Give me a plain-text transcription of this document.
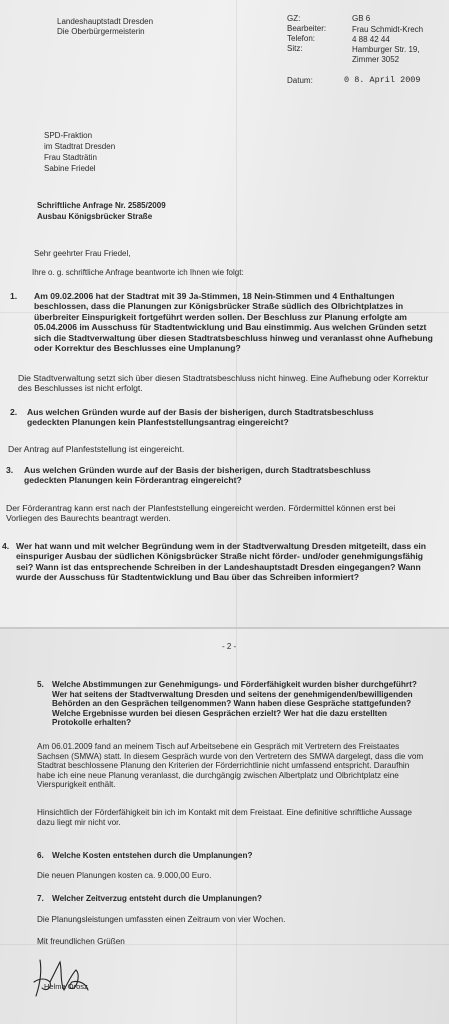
Landeshauptstadt Dresden
Die Oberbürgermeisterin
GZ:	GB 6
Bearbeiter:	Frau Schmidt-Krech
Telefon:	4 88 42 44
Sitz:	Hamburger Str. 19,
Zimmer 3052
Datum:	0 8. April 2009
SPD-Fraktion
im Stadtrat Dresden
Frau Stadträtin
Sabine Friedel
Schriftliche Anfrage Nr. 2585/2009
Ausbau Königsbrücker Straße
Sehr geehrter Frau Friedel,
Ihre o. g. schriftliche Anfrage beantworte ich Ihnen wie folgt:
1. Am 09.02.2006 hat der Stadtrat mit 39 Ja-Stimmen, 18 Nein-Stimmen und 4 Enthaltungen beschlossen, dass die Planungen zur Königsbrücker Straße südlich des Olbrichtplatzes in überbreiter Einspurigkeit fortgeführt werden sollen. Der Beschluss zur Planung erfolgte am 05.04.2006 im Ausschuss für Stadtentwicklung und Bau einstimmig. Aus welchen Gründen setzt sich die Stadtverwaltung über diesen Stadtratsbeschluss hinweg und veranlasst ohne Aufhebung oder Korrektur des Beschlusses eine Umplanung?
Die Stadtverwaltung setzt sich über diesen Stadtratsbeschluss nicht hinweg. Eine Aufhebung oder Korrektur des Beschlusses ist nicht erfolgt.
2. Aus welchen Gründen wurde auf der Basis der bisherigen, durch Stadtratsbeschluss gedeckten Planungen kein Planfeststellungsantrag eingereicht?
Der Antrag auf Planfeststellung ist eingereicht.
3. Aus welchen Gründen wurde auf der Basis der bisherigen, durch Stadtratsbeschluss gedeckten Planungen kein Förderantrag eingereicht?
Der Förderantrag kann erst nach der Planfeststellung eingereicht werden. Fördermittel können erst bei Vorliegen des Baurechts beantragt werden.
4. Wer hat wann und mit welcher Begründung wem in der Stadtverwaltung Dresden mitgeteilt, dass ein einspuriger Ausbau der südlichen Königsbrücker Straße nicht förder- und/oder genehmigungsfähig sei? Wann ist das entsprechende Schreiben in der Landeshauptstadt Dresden eingegangen? Wann wurde der Ausschuss für Stadtentwicklung und Bau über das Schreiben informiert?
- 2 -
5. Welche Abstimmungen zur Genehmigungs- und Förderfähigkeit wurden bisher durchgeführt? Wer hat seitens der Stadtverwaltung Dresden und seitens der genehmigenden/bewilligenden Behörden an den Gesprächen teilgenommen? Wann haben diese Gespräche stattgefunden? Welche Ergebnisse wurden bei diesen Gesprächen erzielt? Wer hat die dazu erstellten Protokolle erhalten?
Am 06.01.2009 fand an meinem Tisch auf Arbeitsebene ein Gespräch mit Vertretern des Freistaates Sachsen (SMWA) statt. In diesem Gespräch wurde von den Vertretern des SMWA dargelegt, dass die vom Stadtrat beschlossene Planung den Kriterien der Förderrichtlinie nicht umfassend entspricht. Daraufhin habe ich eine neue Planung veranlasst, die durchgängig zwischen Albertplatz und Olbrichtplatz eine Vierspurigkeit enthält.
Hinsichtlich der Förderfähigkeit bin ich im Kontakt mit dem Freistaat. Eine definitive schriftliche Aussage dazu liegt mir nicht vor.
6. Welche Kosten entstehen durch die Umplanungen?
Die neuen Planungen kosten ca. 9.000,00 Euro.
7. Welcher Zeitverzug entsteht durch die Umplanungen?
Die Planungsleistungen umfassten einen Zeitraum von vier Wochen.
Mit freundlichen Grüßen
Helma Orosz
